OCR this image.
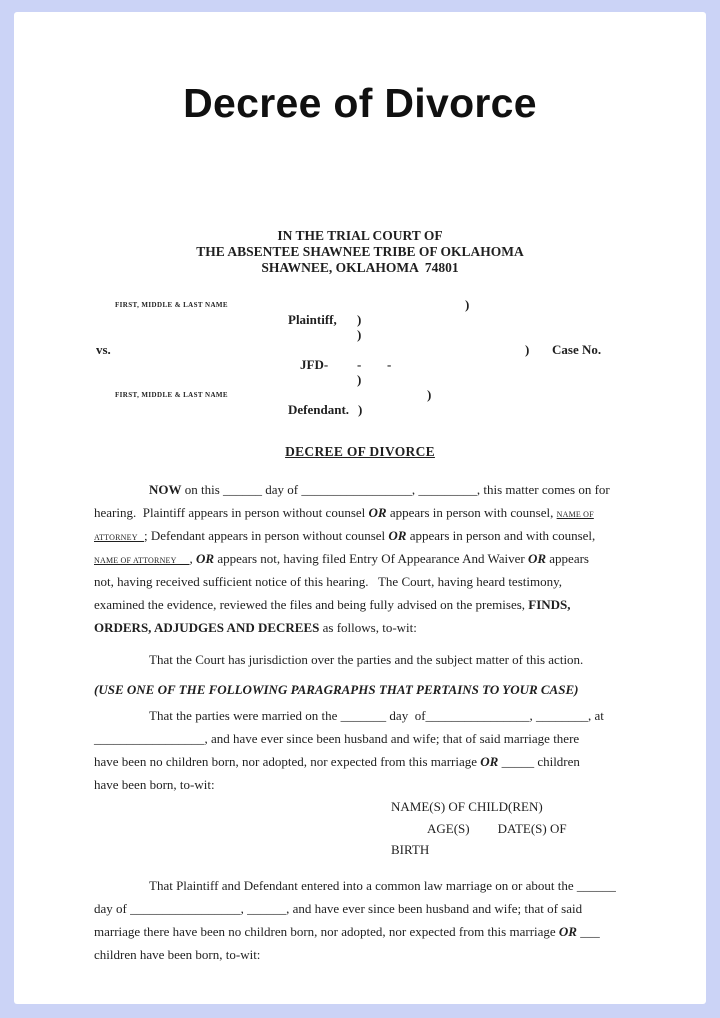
Decree of Divorce
IN THE TRIAL COURT OF
THE ABSENTEE SHAWNEE TRIBE OF OKLAHOMA
SHAWNEE, OKLAHOMA  74801
FIRST, MIDDLE & LAST NAME	)
Plaintiff, )
)
vs.	) Case No.
JFD- - -
)
FIRST, MIDDLE & LAST NAME	)
Defendant. )
DECREE OF DIVORCE
NOW on this ______ day of _________________, _________, this matter comes on for
hearing.  Plaintiff appears in person without counsel OR appears in person with counsel, NAME OF
ATTORNEY   ; Defendant appears in person without counsel OR appears in person and with counsel,
NAME OF ATTORNEY      , OR appears not, having filed Entry Of Appearance And Waiver OR appears
not, having received sufficient notice of this hearing.   The Court, having heard testimony,
examined the evidence, reviewed the files and being fully advised on the premises, FINDS,
ORDERS, ADJUDGES AND DECREES as follows, to-wit:
That the Court has jurisdiction over the parties and the subject matter of this action.
(USE ONE OF THE FOLLOWING PARAGRAPHS THAT PERTAINS TO YOUR CASE)
That the parties were married on the _______ day  of________________, ________, at
_________________, and have ever since been husband and wife; that of said marriage there
have been no children born, nor adopted, nor expected from this marriage OR _____ children
have been born, to-wit:
NAME(S) OF CHILD(REN)
AGE(S) DATE(S) OF
BIRTH
That Plaintiff and Defendant entered into a common law marriage on or about the ______
day of _________________, ______, and have ever since been husband and wife; that of said
marriage there have been no children born, nor adopted, nor expected from this marriage OR ___
children have been born, to-wit:
